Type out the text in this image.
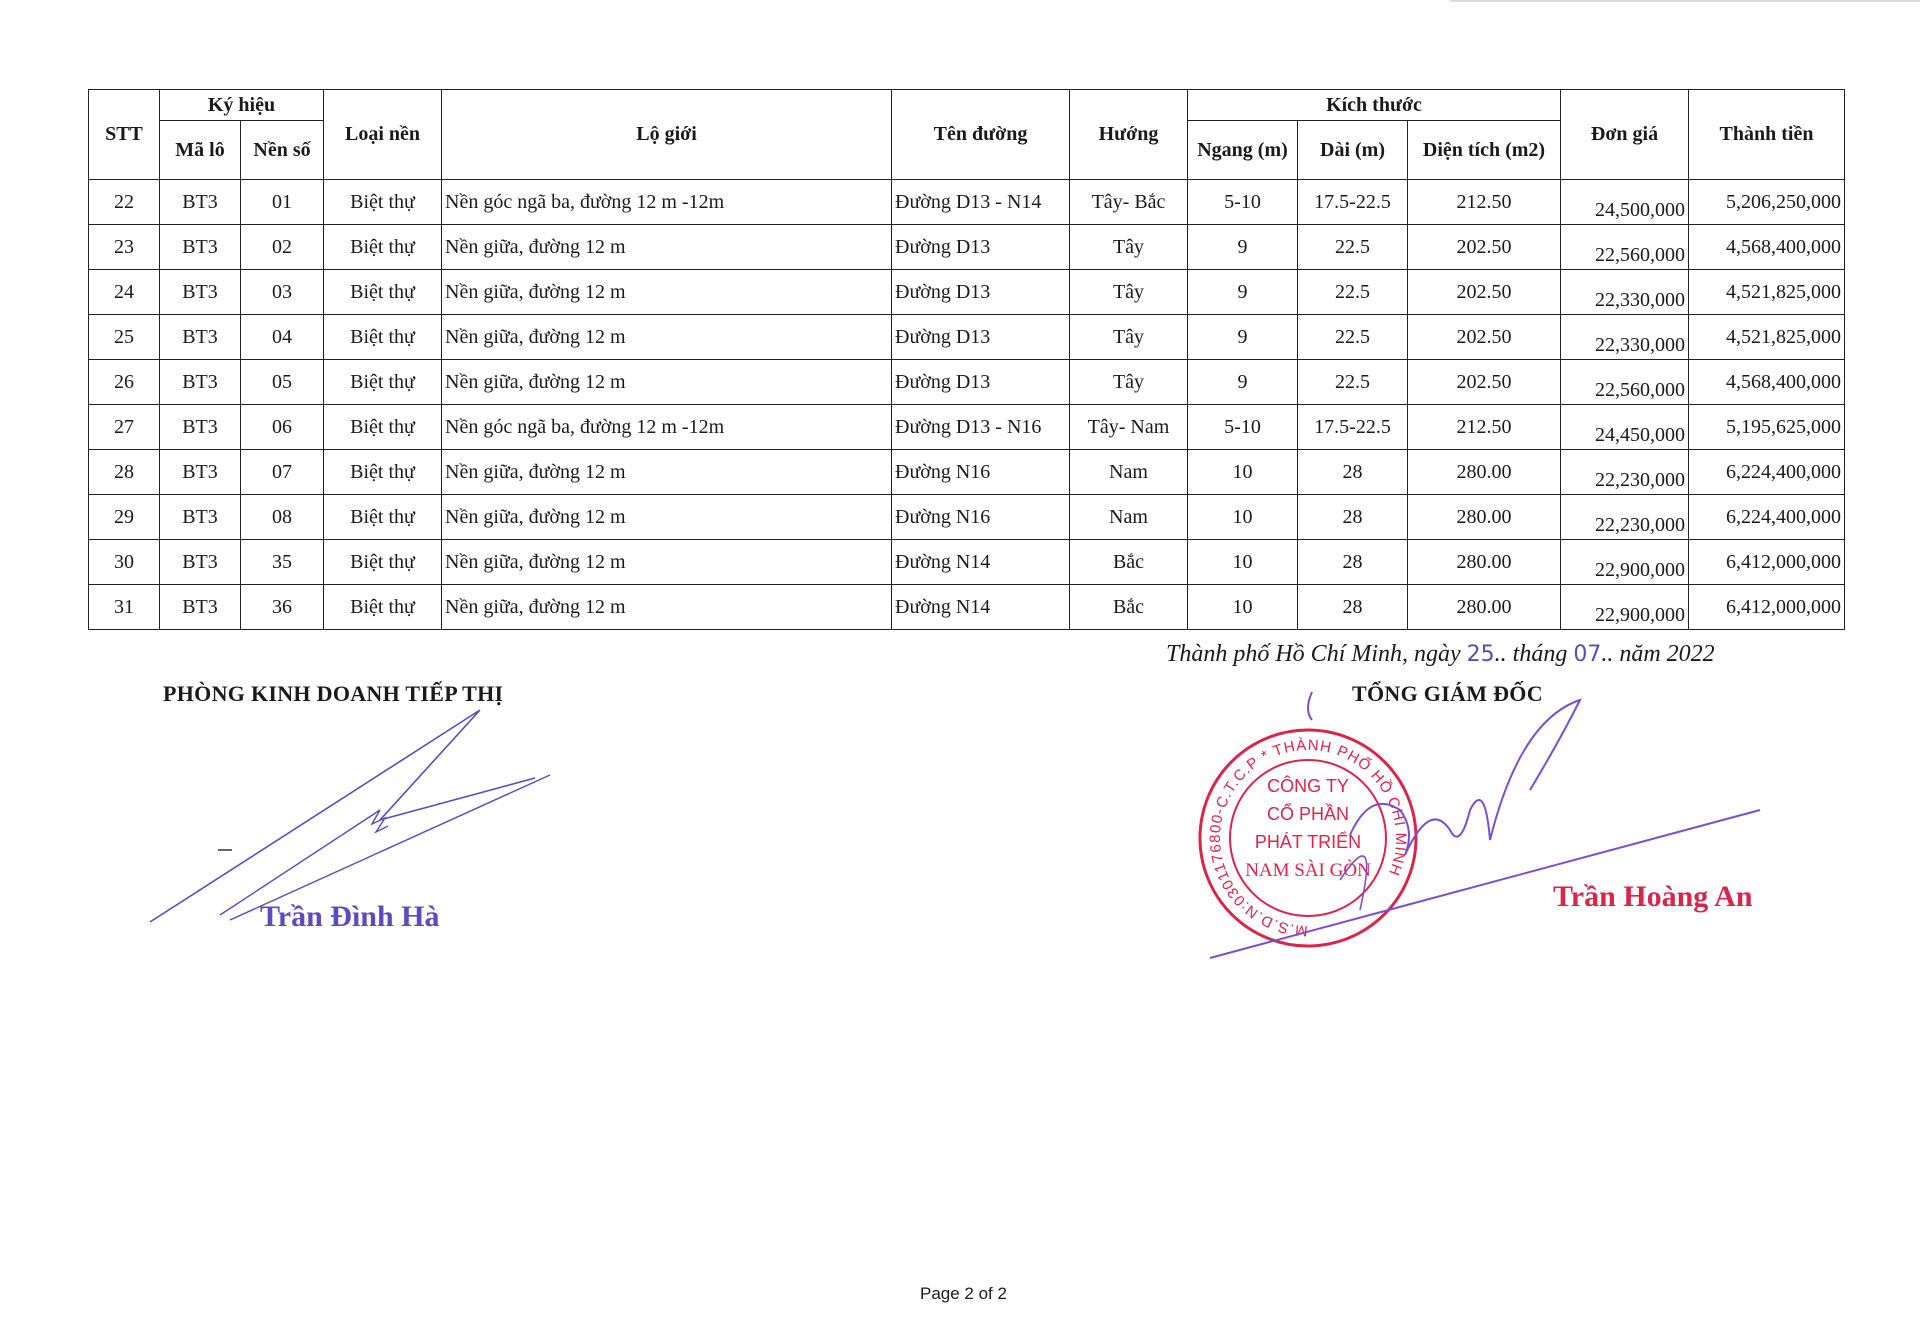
STT	Ký hiệu		Loại nền	Lộ giới	Tên đường	Hướng	Kích thước			Đơn giá	Thành tiền
	Mã lô	Nền số					Ngang (m)	Dài (m)	Diện tích (m2)		
22	BT3	01	Biệt thự	Nền góc ngã ba, đường 12 m -12m	Đường D13 - N14	Tây- Bắc	5-10	17.5-22.5	212.50	24,500,000	5,206,250,000
23	BT3	02	Biệt thự	Nền giữa, đường 12 m	Đường D13	Tây	9	22.5	202.50	22,560,000	4,568,400,000
24	BT3	03	Biệt thự	Nền giữa, đường 12 m	Đường D13	Tây	9	22.5	202.50	22,330,000	4,521,825,000
25	BT3	04	Biệt thự	Nền giữa, đường 12 m	Đường D13	Tây	9	22.5	202.50	22,330,000	4,521,825,000
26	BT3	05	Biệt thự	Nền giữa, đường 12 m	Đường D13	Tây	9	22.5	202.50	22,560,000	4,568,400,000
27	BT3	06	Biệt thự	Nền góc ngã ba, đường 12 m -12m	Đường D13 - N16	Tây- Nam	5-10	17.5-22.5	212.50	24,450,000	5,195,625,000
28	BT3	07	Biệt thự	Nền giữa, đường 12 m	Đường N16	Nam	10	28	280.00	22,230,000	6,224,400,000
29	BT3	08	Biệt thự	Nền giữa, đường 12 m	Đường N16	Nam	10	28	280.00	22,230,000	6,224,400,000
30	BT3	35	Biệt thự	Nền giữa, đường 12 m	Đường N14	Bắc	10	28	280.00	22,900,000	6,412,000,000
31	BT3	36	Biệt thự	Nền giữa, đường 12 m	Đường N14	Bắc	10	28	280.00	22,900,000	6,412,000,000
Thành phố Hồ Chí Minh, ngày 25.. tháng 07.. năm 2022
PHÒNG KINH DOANH TIẾP THỊ	TỔNG GIÁM ĐỐC
Trần Đình Hà	M.S.D.N:0301176800-C.T.C.P * THÀNH PHỐ HỒ CHÍ MINH
CÔNG TY
CỔ PHẦN
PHÁT TRIỂN
NAM SÀI GÒN
Trần Hoàng An
Page 2 of 2
